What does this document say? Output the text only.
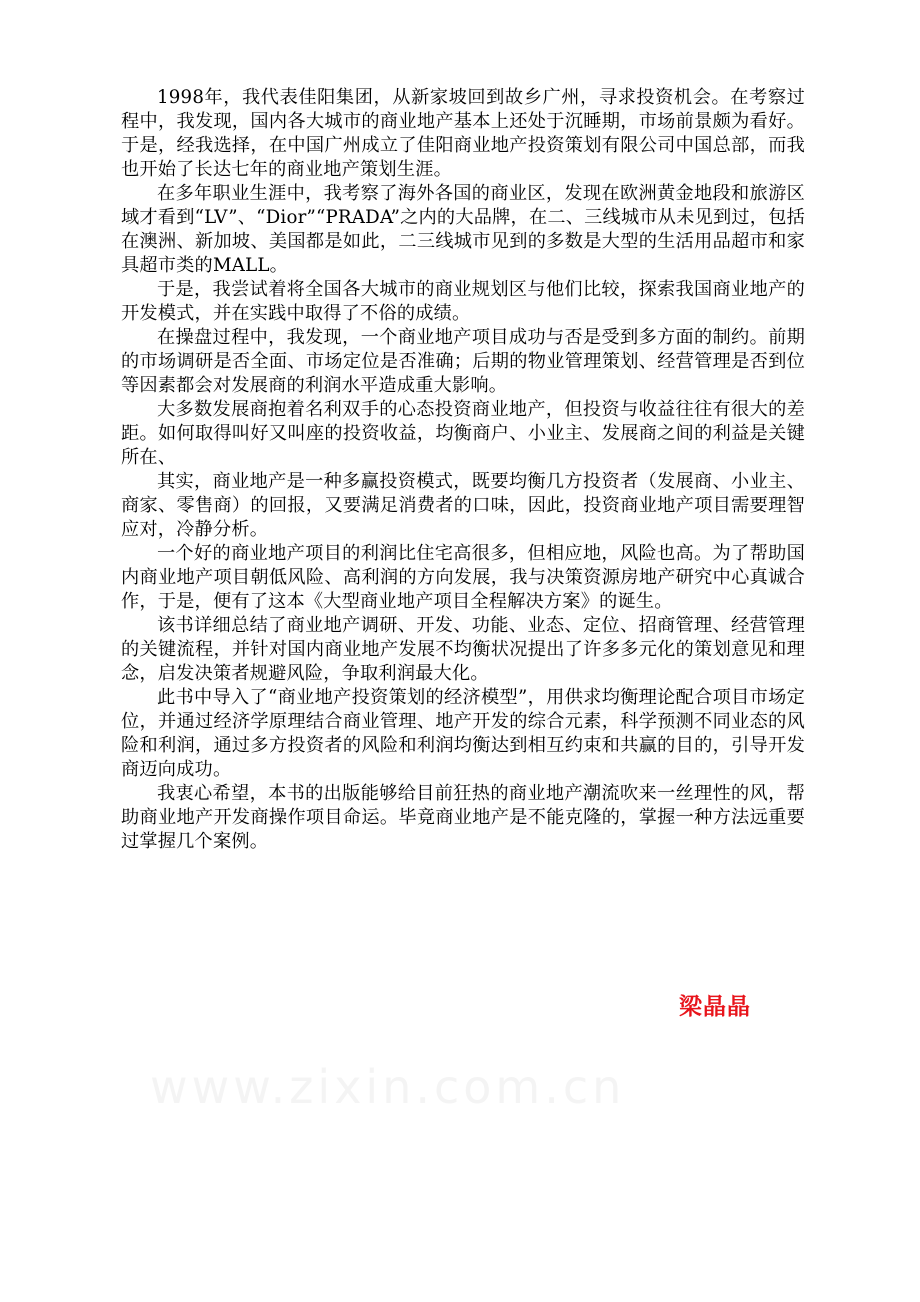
1998年，我代表佳阳集团，从新家坡回到故乡广州，寻求投资机会。在考察过程中，我发现，国内各大城市的商业地产基本上还处于沉睡期，市场前景颇为看好。于是，经我选择，在中国广州成立了佳阳商业地产投资策划有限公司中国总部，而我也开始了长达七年的商业地产策划生涯。

在多年职业生涯中，我考察了海外各国的商业区，发现在欧洲黄金地段和旅游区域才看到“LV”、“Dior”“PRADA”之内的大品牌，在二、三线城市从未见到过，包括在澳洲、新加坡、美国都是如此，二三线城市见到的多数是大型的生活用品超市和家具超市类的MALL。

于是，我尝试着将全国各大城市的商业规划区与他们比较，探索我国商业地产的开发模式，并在实践中取得了不俗的成绩。

在操盘过程中，我发现，一个商业地产项目成功与否是受到多方面的制约。前期的市场调研是否全面、市场定位是否准确；后期的物业管理策划、经营管理是否到位等因素都会对发展商的利润水平造成重大影响。

大多数发展商抱着名利双手的心态投资商业地产，但投资与收益往往有很大的差距。如何取得叫好又叫座的投资收益，均衡商户、小业主、发展商之间的利益是关键所在、

其实，商业地产是一种多赢投资模式，既要均衡几方投资者（发展商、小业主、商家、零售商）的回报，又要满足消费者的口味，因此，投资商业地产项目需要理智应对，冷静分析。

一个好的商业地产项目的利润比住宅高很多，但相应地，风险也高。为了帮助国内商业地产项目朝低风险、高利润的方向发展，我与决策资源房地产研究中心真诚合作，于是，便有了这本《大型商业地产项目全程解决方案》的诞生。

该书详细总结了商业地产调研、开发、功能、业态、定位、招商管理、经营管理的关键流程，并针对国内商业地产发展不均衡状况提出了许多多元化的策划意见和理念，启发决策者规避风险，争取利润最大化。

此书中导入了“商业地产投资策划的经济模型”，用供求均衡理论配合项目市场定位，并通过经济学原理结合商业管理、地产开发的综合元素，科学预测不同业态的风险和利润，通过多方投资者的风险和利润均衡达到相互约束和共赢的目的，引导开发商迈向成功。

我衷心希望，本书的出版能够给目前狂热的商业地产潮流吹来一丝理性的风，帮助商业地产开发商操作项目命运。毕竟商业地产是不能克隆的，掌握一种方法远重要过掌握几个案例。

www.zixin.com.cn
梁晶晶
